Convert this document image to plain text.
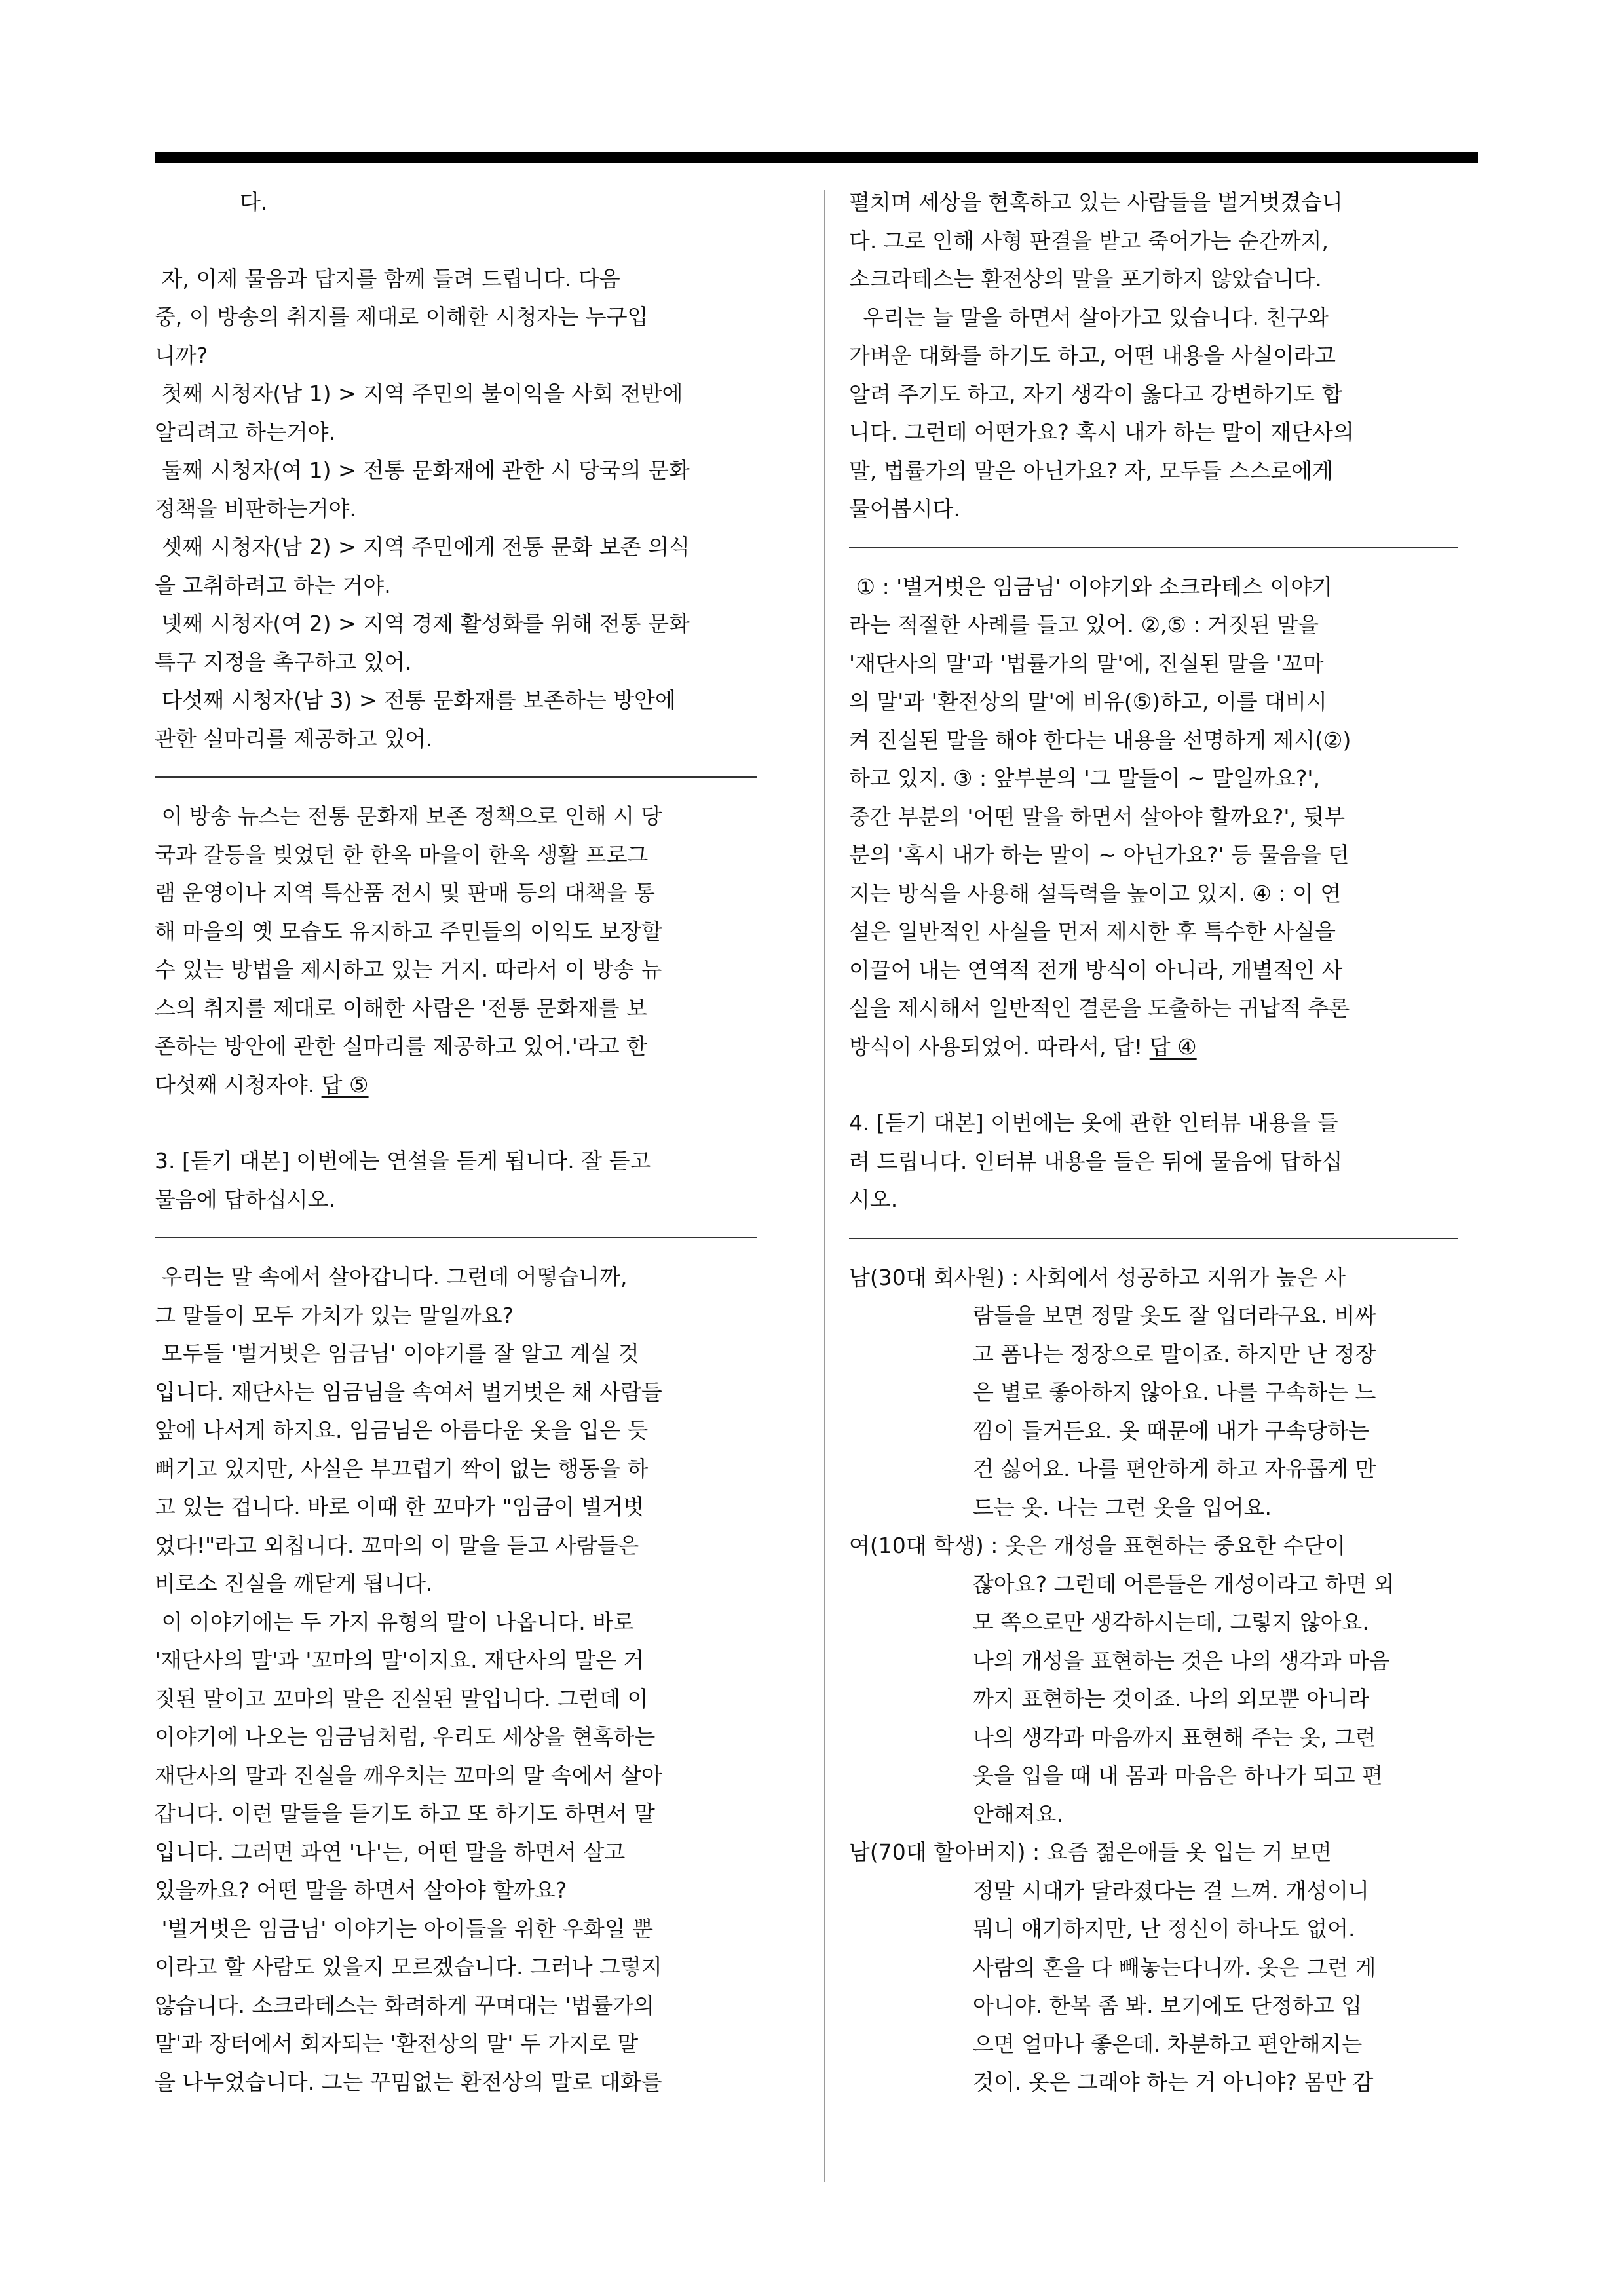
다.

자, 이제 물음과 답지를 함께 들려 드립니다. 다음

중, 이 방송의 취지를 제대로 이해한 시청자는 누구입

니까?

첫째 시청자(남 1) > 지역 주민의 불이익을 사회 전반에

알리려고 하는거야.

둘째 시청자(여 1) > 전통 문화재에 관한 시 당국의 문화

정책을 비판하는거야.

셋째 시청자(남 2) > 지역 주민에게 전통 문화 보존 의식

을 고취하려고 하는 거야.

넷째 시청자(여 2) > 지역 경제 활성화를 위해 전통 문화

특구 지정을 촉구하고 있어.

다섯째 시청자(남 3) > 전통 문화재를 보존하는 방안에

관한 실마리를 제공하고 있어.

이 방송 뉴스는 전통 문화재 보존 정책으로 인해 시 당

국과 갈등을 빚었던 한 한옥 마을이 한옥 생활 프로그

램 운영이나 지역 특산품 전시 및 판매 등의 대책을 통

해 마을의 옛 모습도 유지하고 주민들의 이익도 보장할

수 있는 방법을 제시하고 있는 거지. 따라서 이 방송 뉴

스의 취지를 제대로 이해한 사람은 '전통 문화재를 보

존하는 방안에 관한 실마리를 제공하고 있어.'라고 한

다섯째 시청자야. 답 ⑤

3. [듣기 대본] 이번에는 연설을 듣게 됩니다. 잘 듣고

물음에 답하십시오.

우리는 말 속에서 살아갑니다. 그런데 어떻습니까,

그 말들이 모두 가치가 있는 말일까요?

모두들 '벌거벗은 임금님' 이야기를 잘 알고 계실 것

입니다. 재단사는 임금님을 속여서 벌거벗은 채 사람들

앞에 나서게 하지요. 임금님은 아름다운 옷을 입은 듯

뻐기고 있지만, 사실은 부끄럽기 짝이 없는 행동을 하

고 있는 겁니다. 바로 이때 한 꼬마가 "임금이 벌거벗

었다!"라고 외칩니다. 꼬마의 이 말을 듣고 사람들은

비로소 진실을 깨닫게 됩니다.

이 이야기에는 두 가지 유형의 말이 나옵니다. 바로

'재단사의 말'과 '꼬마의 말'이지요. 재단사의 말은 거

짓된 말이고 꼬마의 말은 진실된 말입니다. 그런데 이

이야기에 나오는 임금님처럼, 우리도 세상을 현혹하는

재단사의 말과 진실을 깨우치는 꼬마의 말 속에서 살아

갑니다. 이런 말들을 듣기도 하고 또 하기도 하면서 말

입니다. 그러면 과연 '나'는, 어떤 말을 하면서 살고

있을까요? 어떤 말을 하면서 살아야 할까요?

'벌거벗은 임금님' 이야기는 아이들을 위한 우화일 뿐

이라고 할 사람도 있을지 모르겠습니다. 그러나 그렇지

않습니다. 소크라테스는 화려하게 꾸며대는 '법률가의

말'과 장터에서 회자되는 '환전상의 말' 두 가지로 말

을 나누었습니다. 그는 꾸밈없는 환전상의 말로 대화를

펼치며 세상을 현혹하고 있는 사람들을 벌거벗겼습니

다. 그로 인해 사형 판결을 받고 죽어가는 순간까지,

소크라테스는 환전상의 말을 포기하지 않았습니다.

우리는 늘 말을 하면서 살아가고 있습니다. 친구와

가벼운 대화를 하기도 하고, 어떤 내용을 사실이라고

알려 주기도 하고, 자기 생각이 옳다고 강변하기도 합

니다. 그런데 어떤가요? 혹시 내가 하는 말이 재단사의

말, 법률가의 말은 아닌가요? 자, 모두들 스스로에게

물어봅시다.

① : '벌거벗은 임금님' 이야기와 소크라테스 이야기

라는 적절한 사례를 들고 있어. ②,⑤ : 거짓된 말을

'재단사의 말'과 '법률가의 말'에, 진실된 말을 '꼬마

의 말'과 '환전상의 말'에 비유(⑤)하고, 이를 대비시

켜 진실된 말을 해야 한다는 내용을 선명하게 제시(②)

하고 있지. ③ : 앞부분의 '그 말들이 ~ 말일까요?',

중간 부분의 '어떤 말을 하면서 살아야 할까요?', 뒷부

분의 '혹시 내가 하는 말이 ~ 아닌가요?' 등 물음을 던

지는 방식을 사용해 설득력을 높이고 있지. ④ : 이 연

설은 일반적인 사실을 먼저 제시한 후 특수한 사실을

이끌어 내는 연역적 전개 방식이 아니라, 개별적인 사

실을 제시해서 일반적인 결론을 도출하는 귀납적 추론

방식이 사용되었어. 따라서, 답! 답 ④

4. [듣기 대본] 이번에는 옷에 관한 인터뷰 내용을 들

려 드립니다. 인터뷰 내용을 들은 뒤에 물음에 답하십

시오.

남(30대 회사원) : 사회에서 성공하고 지위가 높은 사

람들을 보면 정말 옷도 잘 입더라구요. 비싸

고 폼나는 정장으로 말이죠. 하지만 난 정장

은 별로 좋아하지 않아요. 나를 구속하는 느

낌이 들거든요. 옷 때문에 내가 구속당하는

건 싫어요. 나를 편안하게 하고 자유롭게 만

드는 옷. 나는 그런 옷을 입어요.

여(10대 학생) : 옷은 개성을 표현하는 중요한 수단이

잖아요? 그런데 어른들은 개성이라고 하면 외

모 쪽으로만 생각하시는데, 그렇지 않아요.

나의 개성을 표현하는 것은 나의 생각과 마음

까지 표현하는 것이죠. 나의 외모뿐 아니라

나의 생각과 마음까지 표현해 주는 옷, 그런

옷을 입을 때 내 몸과 마음은 하나가 되고 편

안해져요.

남(70대 할아버지) : 요즘 젊은애들 옷 입는 거 보면

정말 시대가 달라졌다는 걸 느껴. 개성이니

뭐니 얘기하지만, 난 정신이 하나도 없어.

사람의 혼을 다 빼놓는다니까. 옷은 그런 게

아니야. 한복 좀 봐. 보기에도 단정하고 입

으면 얼마나 좋은데. 차분하고 편안해지는

것이. 옷은 그래야 하는 거 아니야? 몸만 감
